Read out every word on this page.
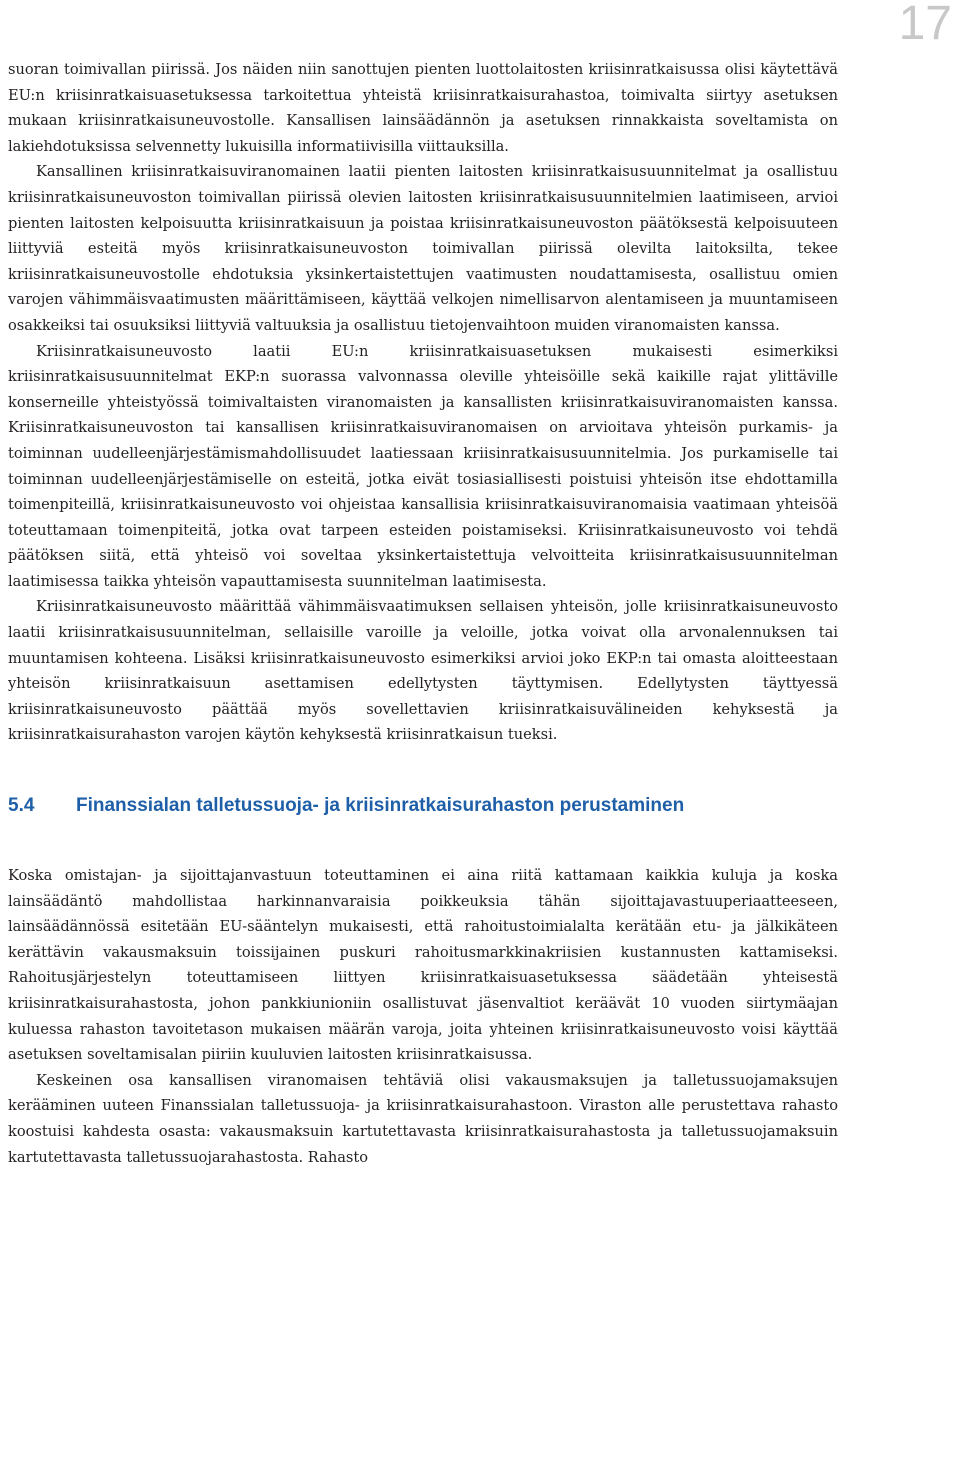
17

suoran toimivallan piirissä. Jos näiden niin sanottujen pienten luottolaitosten kriisinratkaisussa olisi käytettävä EU:n kriisinratkaisuasetuksessa tarkoitettua yhteistä kriisinratkaisurahastoa, toimivalta siirtyy asetuksen mukaan kriisinratkaisuneuvostolle. Kansallisen lainsäädännön ja asetuksen rinnakkaista soveltamista on lakiehdotuksissa selvennetty lukuisilla informatiivisilla viittauksilla.

Kansallinen kriisinratkaisuviranomainen laatii pienten laitosten kriisinratkaisusuunnitelmat ja osallistuu kriisinratkaisuneuvoston toimivallan piirissä olevien laitosten kriisinratkaisusuunnitelmien laatimiseen, arvioi pienten laitosten kelpoisuutta kriisinratkaisuun ja poistaa kriisinratkaisuneuvoston päätöksestä kelpoisuuteen liittyviä esteitä myös kriisinratkaisuneuvoston toimivallan piirissä olevilta laitoksilta, tekee kriisinratkaisuneuvostolle ehdotuksia yksinkertaistettujen vaatimusten noudattamisesta, osallistuu omien varojen vähimmäisvaatimusten määrittämiseen, käyttää velkojen nimellisarvon alentamiseen ja muuntamiseen osakkeiksi tai osuuksiksi liittyviä valtuuksia ja osallistuu tietojenvaihtoon muiden viranomaisten kanssa.

Kriisinratkaisuneuvosto laatii EU:n kriisinratkaisuasetuksen mukaisesti esimerkiksi kriisinratkaisusuunnitelmat EKP:n suorassa valvonnassa oleville yhteisöille sekä kaikille rajat ylittäville konserneille yhteistyössä toimivaltaisten viranomaisten ja kansallisten kriisinratkaisuviranomaisten kanssa. Kriisinratkaisuneuvoston tai kansallisen kriisinratkaisuviranomaisen on arvioitava yhteisön purkamis- ja toiminnan uudelleenjärjestämismahdollisuudet laatiessaan kriisinratkaisusuunnitelmia. Jos purkamiselle tai toiminnan uudelleenjärjestämiselle on esteitä, jotka eivät tosiasiallisesti poistuisi yhteisön itse ehdottamilla toimenpiteillä, kriisinratkaisuneuvosto voi ohjeistaa kansallisia kriisinratkaisuviranomaisia vaatimaan yhteisöä toteuttamaan toimenpiteitä, jotka ovat tarpeen esteiden poistamiseksi. Kriisinratkaisuneuvosto voi tehdä päätöksen siitä, että yhteisö voi soveltaa yksinkertaistettuja velvoitteita kriisinratkaisusuunnitelman laatimisessa taikka yhteisön vapauttamisesta suunnitelman laatimisesta.

Kriisinratkaisuneuvosto määrittää vähimmäisvaatimuksen sellaisen yhteisön, jolle kriisinratkaisuneuvosto laatii kriisinratkaisusuunnitelman, sellaisille varoille ja veloille, jotka voivat olla arvonalennuksen tai muuntamisen kohteena. Lisäksi kriisinratkaisuneuvosto esimerkiksi arvioi joko EKP:n tai omasta aloitteestaan yhteisön kriisinratkaisuun asettamisen edellytysten täyttymisen. Edellytysten täyttyessä kriisinratkaisuneuvosto päättää myös sovellettavien kriisinratkaisuvälineiden kehyksestä ja kriisinratkaisurahaston varojen käytön kehyksestä kriisinratkaisun tueksi.

5.4 Finanssialan talletussuoja- ja kriisinratkaisurahaston perustaminen

Koska omistajan- ja sijoittajanvastuun toteuttaminen ei aina riitä kattamaan kaikkia kuluja ja koska lainsäädäntö mahdollistaa harkinnanvaraisia poikkeuksia tähän sijoittajavastuuperiaatteeseen, lainsäädännössä esitetään EU-sääntelyn mukaisesti, että rahoitustoimialalta kerätään etu- ja jälkikäteen kerättävin vakausmaksuin toissijainen puskuri rahoitusmarkkinakriisien kustannusten kattamiseksi. Rahoitusjärjestelyn toteuttamiseen liittyen kriisinratkaisuasetuksessa säädetään yhteisestä kriisinratkaisurahastosta, johon pankkiunioniin osallistuvat jäsenvaltiot keräävät 10 vuoden siirtymäajan kuluessa rahaston tavoitetason mukaisen määrän varoja, joita yhteinen kriisinratkaisuneuvosto voisi käyttää asetuksen soveltamisalan piiriin kuuluvien laitosten kriisinratkaisussa.

Keskeinen osa kansallisen viranomaisen tehtäviä olisi vakausmaksujen ja talletussuojamaksujen kerääminen uuteen Finanssialan talletussuoja- ja kriisinratkaisurahastoon. Viraston alle perustettava rahasto koostuisi kahdesta osasta: vakausmaksuin kartutettavasta kriisinratkaisurahastosta ja talletussuojamaksuin kartutettavasta talletussuojarahastosta. Rahasto
